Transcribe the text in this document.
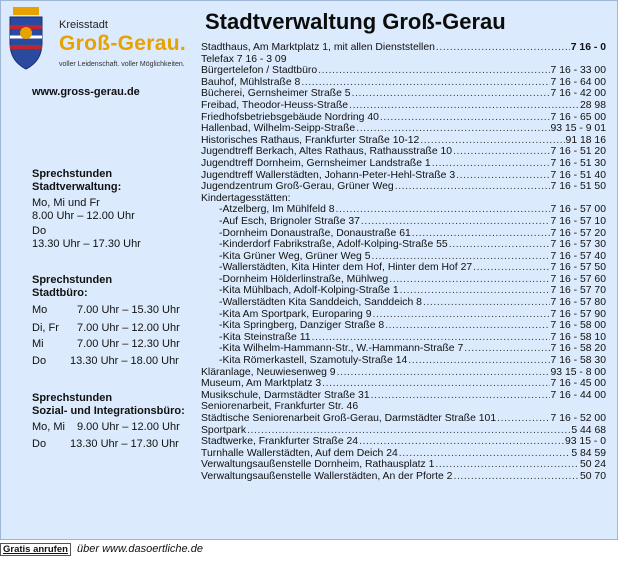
Kreisstadt
Groß-Gerau.
voller Leidenschaft. voller Möglichkeiten.
www.gross-gerau.de
Sprechstunden
Stadtverwaltung:
Mo, Mi und Fr
8.00 Uhr – 12.00 Uhr
Do
13.30 Uhr – 17.30 Uhr
Sprechstunden
Stadtbüro:
Mo	7.00 Uhr – 15.30 Uhr
Di, Fr 7.00 Uhr – 12.00 Uhr
Mi	7.00 Uhr – 12.30 Uhr
Do 13.30 Uhr – 18.00 Uhr
Sprechstunden
Sozial- und Integrationsbüro:
Mo, Mi 9.00 Uhr – 12.00 Uhr
Do 13.30 Uhr – 17.30 Uhr
Stadtverwaltung Groß-Gerau
Stadthaus, Am Marktplatz 1, mit allen Dienststellen .....	7 16 - 0
Telefax 7 16 - 3 09
Bürgertelefon / Stadtbüro .....	7 16 - 33 00
Bauhof, Mühlstraße 8 .....	7 16 - 64 00
Bücherei, Gernsheimer Straße 5 .....	7 16 - 42 00
Freibad, Theodor-Heuss-Straße .....	28 98
Friedhofsbetriebsgebäude Nordring 40 .....	7 16 - 65 00
Hallenbad, Wilhelm-Seipp-Straße .....	93 15 - 9 01
Historisches Rathaus, Frankfurter Straße 10-12 .....	91 18 16
Jugendtreff Berkach, Altes Rathaus, Rathausstraße 10 .....	7 16 - 51 20
Jugendtreff Dornheim, Gernsheimer Landstraße 1 .....	7 16 - 51 30
Jugendtreff Wallerstädten, Johann-Peter-Hehl-Straße 3 .....	7 16 - 51 40
Jugendzentrum Groß-Gerau, Grüner Weg .....	7 16 - 51 50
Kindertagesstätten:
- Atzelberg, Im Mühlfeld 8 .....	7 16 - 57 00
- Auf Esch, Brignoler Straße 37 .....	7 16 - 57 10
- Dornheim Donaustraße, Donaustraße 61 .....	7 16 - 57 20
- Kinderdorf Fabrikstraße, Adolf-Kolping-Straße 55 .....	7 16 - 57 30
- Kita Grüner Weg, Grüner Weg 5 .....	7 16 - 57 40
- Wallerstädten, Kita Hinter dem Hof, Hinter dem Hof 27 .....	7 16 - 57 50
- Dornheim Hölderlinstraße, Mühlweg .....	7 16 - 57 60
- Kita Mühlbach, Adolf-Kolping-Straße 1 .....	7 16 - 57 70
- Wallerstädten Kita Sanddeich, Sanddeich 8 .....	7 16 - 57 80
- Kita Am Sportpark, Europaring 9 .....	7 16 - 57 90
- Kita Springberg, Danziger Straße 8 .....	7 16 - 58 00
- Kita Steinstraße 11 .....	7 16 - 58 10
- Kita Wilhelm-Hammann-Str., W.-Hammann-Straße 7 .....	7 16 - 58 20
- Kita Römerkastell, Szamotuly-Straße 14 .....	7 16 - 58 30
Kläranlage, Neuwiesenweg 9 .....	93 15 - 8 00
Museum, Am Marktplatz 3 .....	7 16 - 45 00
Musikschule, Darmstädter Straße 31 .....	7 16 - 44 00
Seniorenarbeit, Frankfurter Str. 46
Städtische Seniorenarbeit Groß-Gerau, Darmstädter Straße 101 .....	7 16 - 52 00
Sportpark .....	5 44 68
Stadtwerke, Frankfurter Straße 24 .....	93 15 - 0
Turnhalle Wallerstädten, Auf dem Deich 24 .....	5 84 59
Verwaltungsaußenstelle Dornheim, Rathausplatz 1 .....	50 24
Verwaltungsaußenstelle Wallerstädten, An der Pforte 2 .....	50 70
Gratis anrufen über www.dasoertliche.de
